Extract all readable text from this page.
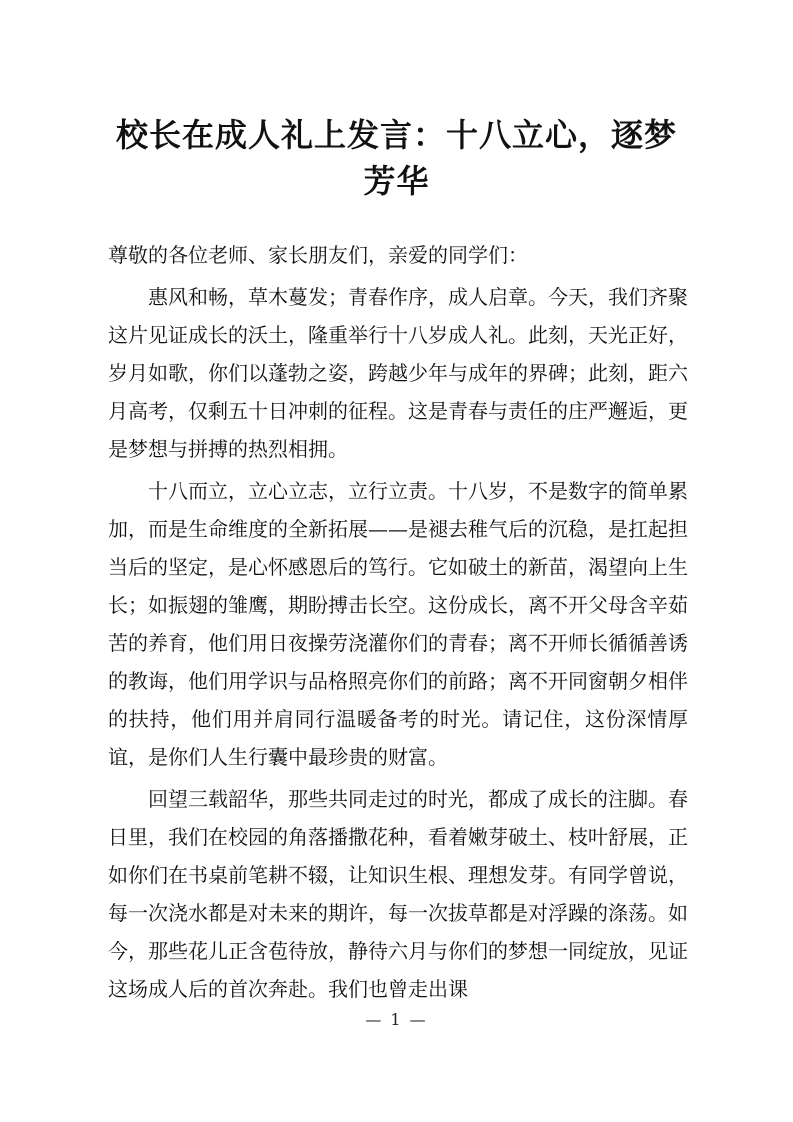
校长在成人礼上发言：十八立心，逐梦芳华

尊敬的各位老师、家长朋友们，亲爱的同学们：

惠风和畅，草木蔓发；青春作序，成人启章。今天，我们齐聚这片见证成长的沃土，隆重举行十八岁成人礼。此刻，天光正好，岁月如歌，你们以蓬勃之姿，跨越少年与成年的界碑；此刻，距六月高考，仅剩五十日冲刺的征程。这是青春与责任的庄严邂逅，更是梦想与拼搏的热烈相拥。

十八而立，立心立志，立行立责。十八岁，不是数字的简单累加，而是生命维度的全新拓展——是褪去稚气后的沉稳，是扛起担当后的坚定，是心怀感恩后的笃行。它如破土的新苗，渴望向上生长；如振翅的雏鹰，期盼搏击长空。这份成长，离不开父母含辛茹苦的养育，他们用日夜操劳浇灌你们的青春；离不开师长循循善诱的教诲，他们用学识与品格照亮你们的前路；离不开同窗朝夕相伴的扶持，他们用并肩同行温暖备考的时光。请记住，这份深情厚谊，是你们人生行囊中最珍贵的财富。

回望三载韶华，那些共同走过的时光，都成了成长的注脚。春日里，我们在校园的角落播撒花种，看着嫩芽破土、枝叶舒展，正如你们在书桌前笔耕不辍，让知识生根、理想发芽。有同学曾说，每一次浇水都是对未来的期许，每一次拔草都是对浮躁的涤荡。如今，那些花儿正含苞待放，静待六月与你们的梦想一同绽放，见证这场成人后的首次奔赴。我们也曾走出课

— 1 —
